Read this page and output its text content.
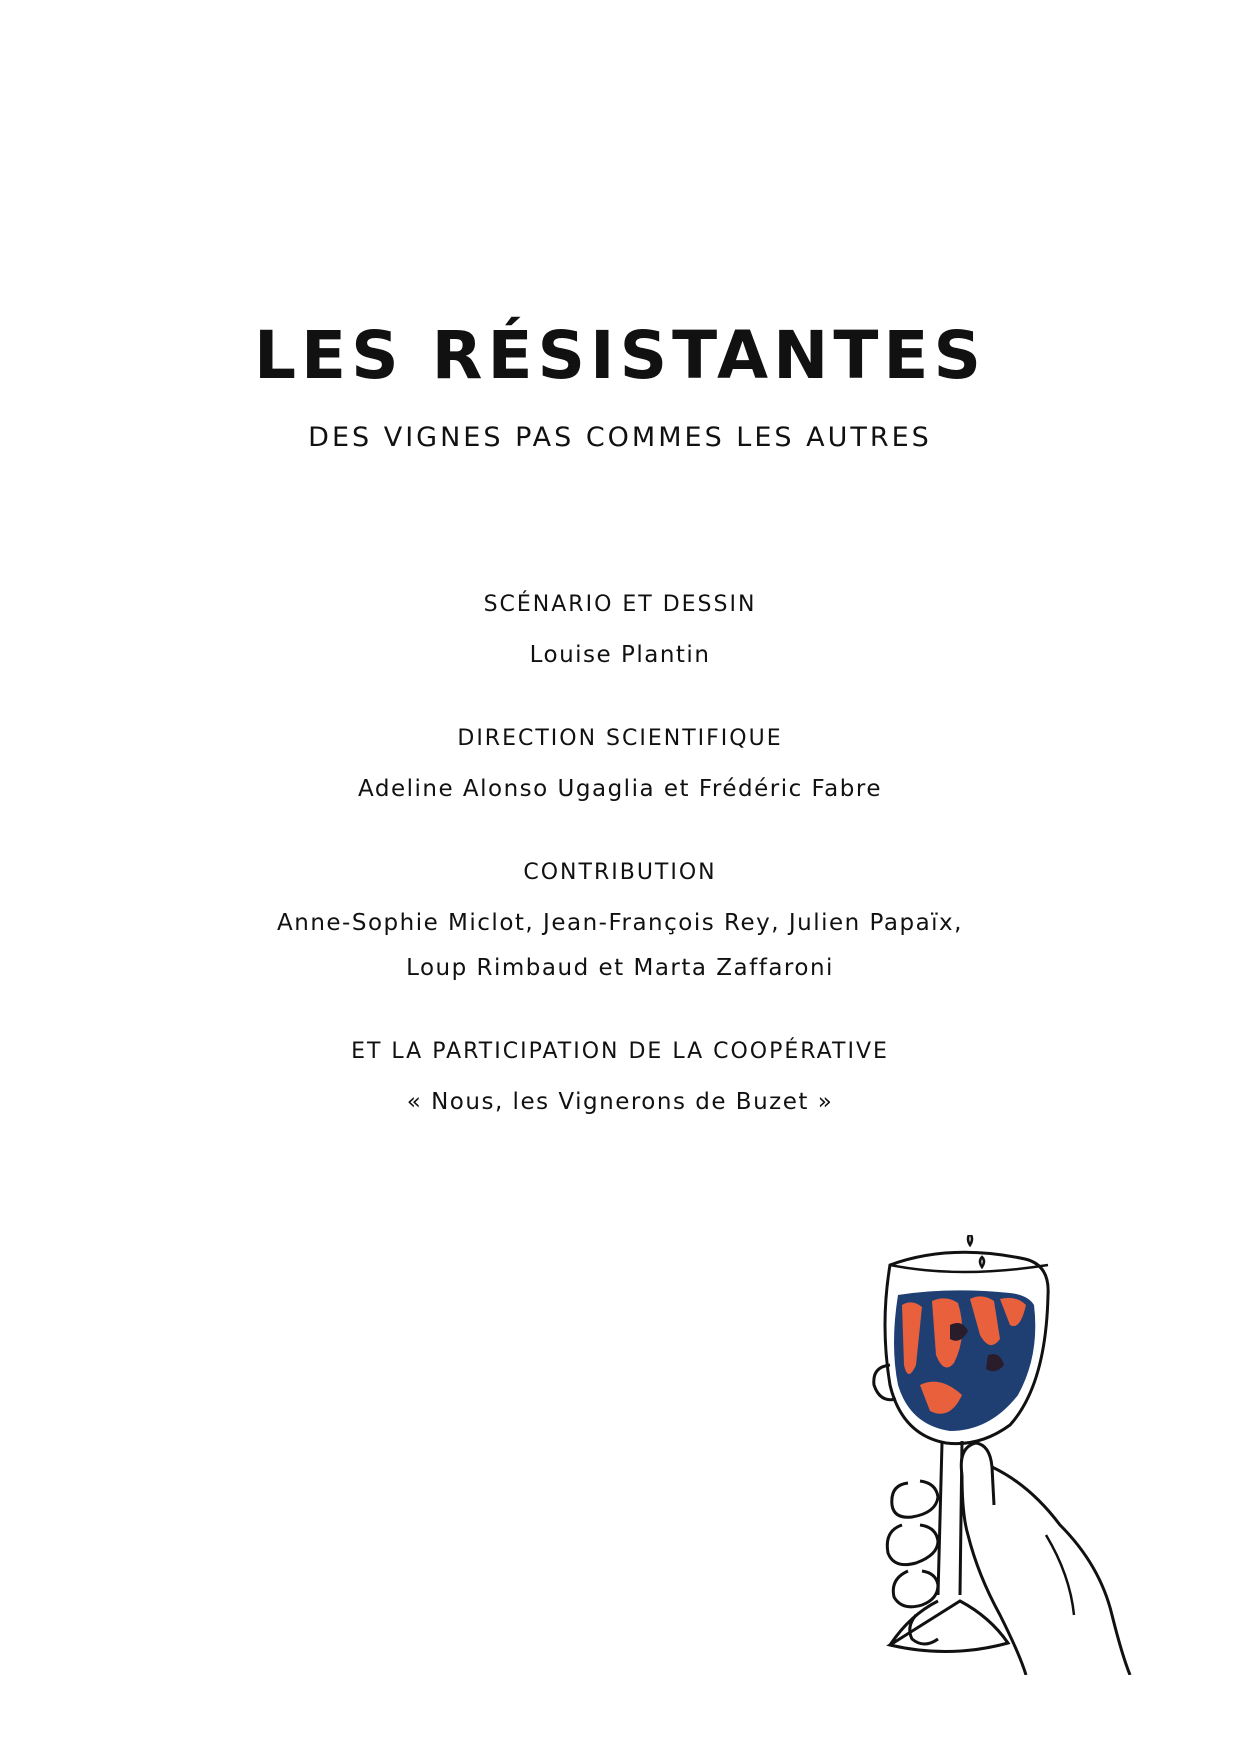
LES RÉSISTANTES
DES VIGNES PAS COMMES LES AUTRES
SCÉNARIO ET DESSIN
Louise Plantin
DIRECTION SCIENTIFIQUE
Adeline Alonso Ugaglia et Frédéric Fabre
CONTRIBUTION
Anne-Sophie Miclot, Jean-François Rey, Julien Papaïx,
Loup Rimbaud et Marta Zaffaroni
ET LA PARTICIPATION DE LA COOPÉRATIVE
« Nous, les Vignerons de Buzet »
